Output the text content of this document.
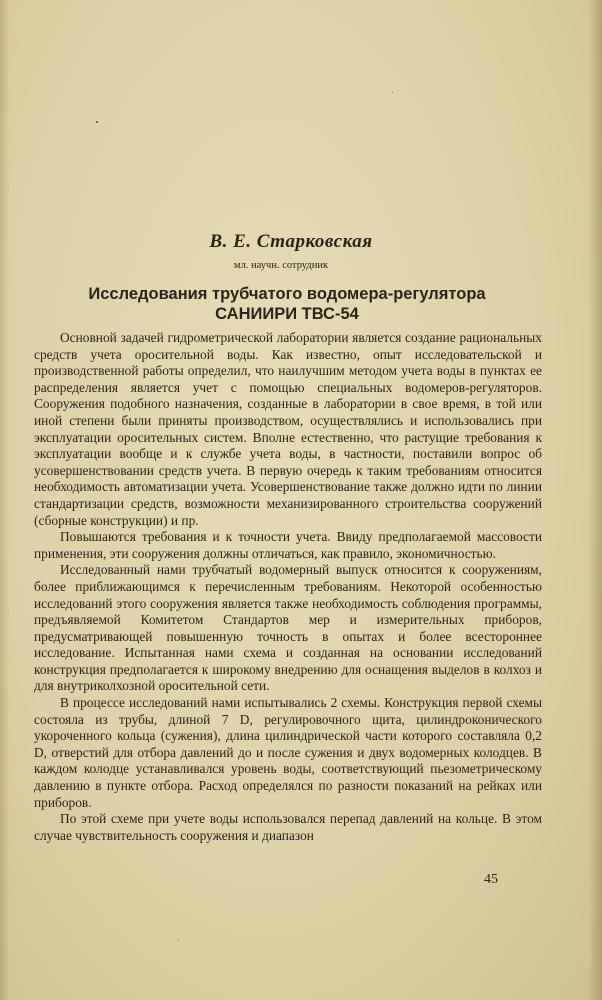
В. Е. Старковская
мл. научн. сотрудник
Исследования трубчатого водомера-регулятора
САНИИРИ ТВС-54

Основной задачей гидрометрической лаборатории является создание рациональных средств учета оросительной воды. Как известно, опыт исследовательской и производственной работы определил, что наилучшим методом учета воды в пунктах ее распределения является учет с помощью специальных водомеров-регуляторов. Сооружения подобного назначения, созданные в лаборатории в свое время, в той или иной степени были приняты производством, осуществлялись и использовались при эксплуатации оросительных систем. Вполне естественно, что растущие требования к эксплуатации вообще и к службе учета воды, в частности, поставили вопрос об усовершенствовании средств учета. В первую очередь к таким требованиям относится необходимость автоматизации учета. Усовершенствование также должно идти по линии стандартизации средств, возможности механизированного строительства сооружений (сборные конструкции) и пр.

Повышаются требования и к точности учета. Ввиду предполагаемой массовости применения, эти сооружения должны отличаться, как правило, экономичностью.

Исследованный нами трубчатый водомерный выпуск относится к сооружениям, более приближающимся к перечисленным требованиям. Некоторой особенностью исследований этого сооружения является также необходимость соблюдения программы, предъявляемой Комитетом Стандартов мер и измерительных приборов, предусматривающей повышенную точность в опытах и более всестороннее исследование. Испытанная нами схема и созданная на основании исследований конструкция предполагается к широкому внедрению для оснащения выделов в колхоз и для внутриколхозной оросительной сети.

В процессе исследований нами испытывались 2 схемы. Конструкция первой схемы состояла из трубы, длиной 7 D, регулировочного щита, цилиндроконического укороченного кольца (сужения), длина цилиндрической части которого составляла 0,2 D, отверстий для отбора давлений до и после сужения и двух водомерных колодцев. В каждом колодце устанавливался уровень воды, соответствующий пьезометрическому давлению в пункте отбора. Расход определялся по разности показаний на рейках или приборов.

По этой схеме при учете воды использовался перепад давлений на кольце. В этом случае чувствительность сооружения и диапазон

45
